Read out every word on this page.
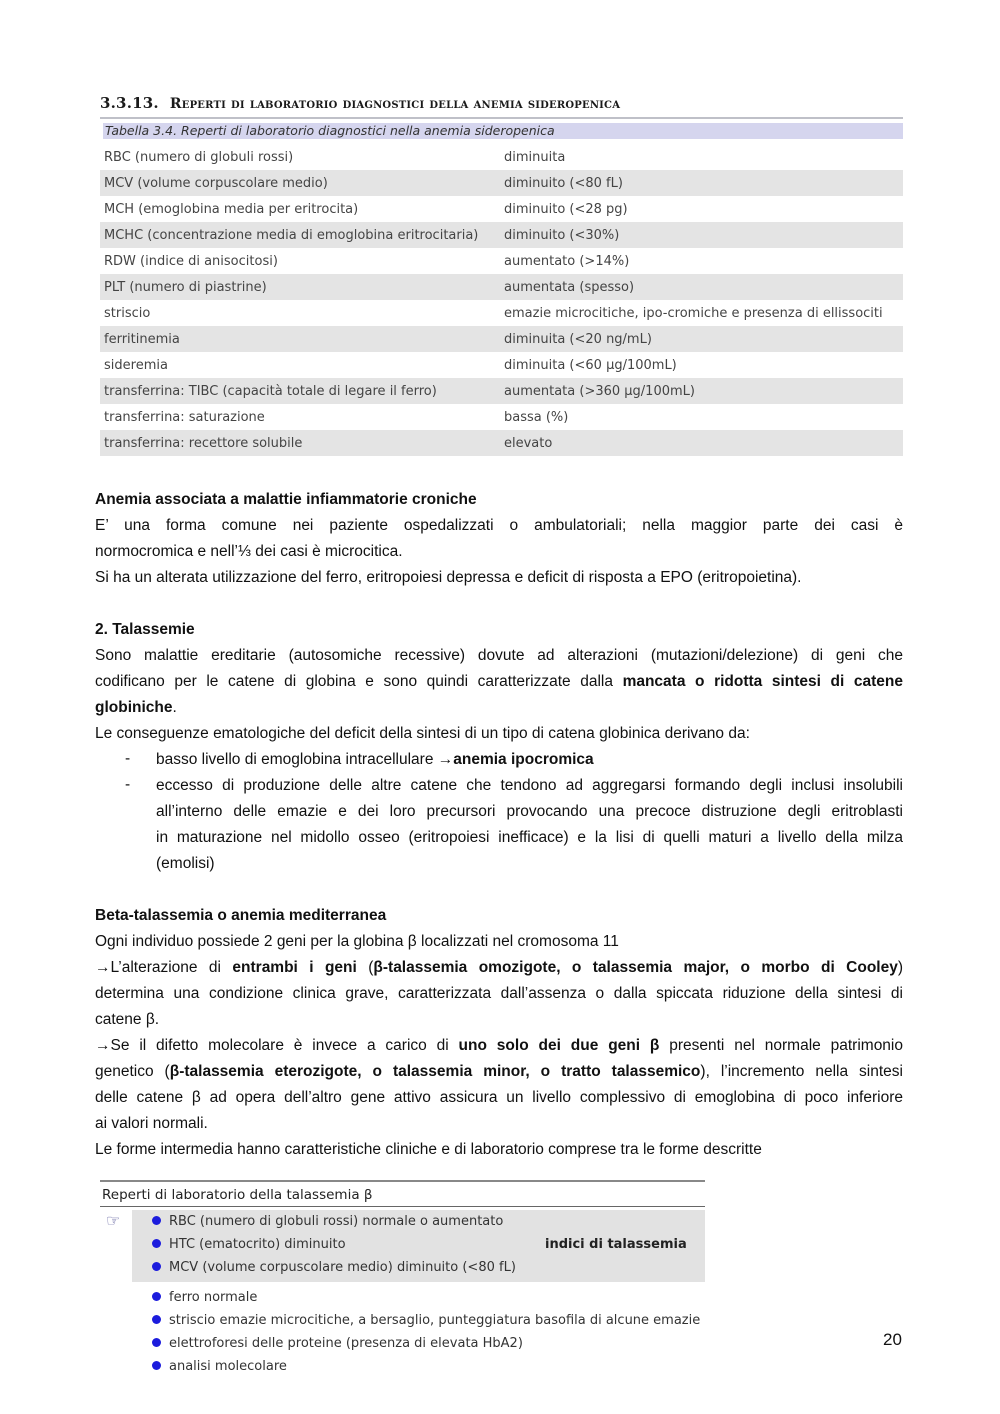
3.3.13. Reperti di laboratorio diagnostici della anemia sideropenica
Tabella 3.4. Reperti di laboratorio diagnostici nella anemia sideropenica
RBC (numero di globuli rossi)	diminuita
MCV (volume corpuscolare medio)	diminuito (<80 fL)
MCH (emoglobina media per eritrocita)	diminuito (<28 pg)
MCHC (concentrazione media di emoglobina eritrocitaria)	diminuito (<30%)
RDW (indice di anisocitosi)	aumentato (>14%)
PLT (numero di piastrine)	aumentata (spesso)
striscio	emazie microcitiche, ipo-cromiche e presenza di ellissociti
ferritinemia	diminuita (<20 ng/mL)
sideremia	diminuita (<60 µg/100mL)
transferrina: TIBC (capacità totale di legare il ferro)	aumentata (>360 µg/100mL)
transferrina: saturazione	bassa (%)
transferrina: recettore solubile	elevato
Anemia associata a malattie infiammatorie croniche
E’ una forma comune nei paziente ospedalizzati o ambulatoriali; nella maggior parte dei casi è
normocromica e nell’⅓ dei casi è microcitica.
Si ha un alterata utilizzazione del ferro, eritropoiesi depressa e deficit di risposta a EPO (eritropoietina).
2. Talassemie
Sono malattie ereditarie (autosomiche recessive) dovute ad alterazioni (mutazioni/delezione) di geni che
codificano per le catene di globina e sono quindi caratterizzate dalla mancata o ridotta sintesi di catene
globiniche.
Le conseguenze ematologiche del deficit della sintesi di un tipo di catena globinica derivano da:
- basso livello di emoglobina intracellulare →anemia ipocromica
- eccesso di produzione delle altre catene che tendono ad aggregarsi formando degli inclusi insolubili
all’interno delle emazie e dei loro precursori provocando una precoce distruzione degli eritroblasti
in maturazione nel midollo osseo (eritropoiesi inefficace) e la lisi di quelli maturi a livello della milza
(emolisi)
Beta-talassemia o anemia mediterranea
Ogni individuo possiede 2 geni per la globina β localizzati nel cromosoma 11
→L’alterazione di entrambi i geni (β-talassemia omozigote, o talassemia major, o morbo di Cooley)
determina una condizione clinica grave, caratterizzata dall’assenza o dalla spiccata riduzione della sintesi di
catene β.
→Se il difetto molecolare è invece a carico di uno solo dei due geni β presenti nel normale patrimonio
genetico (β-talassemia eterozigote, o talassemia minor, o tratto talassemico), l’incremento nella sintesi
delle catene β ad opera dell’altro gene attivo assicura un livello complessivo di emoglobina di poco inferiore
ai valori normali.
Le forme intermedia hanno caratteristiche cliniche e di laboratorio comprese tra le forme descritte
Reperti di laboratorio della talassemia β
☞	RBC (numero di globuli rossi) normale o aumentato
HTC (ematocrito) diminuito
MCV (volume corpuscolare medio) diminuito (<80 fL)
ferro normale
striscio emazie microcitiche, a bersaglio, punteggiatura basofila di alcune emazie
elettroforesi delle proteine (presenza di elevata HbA2)
analisi molecolare
indici di talassemia
20
